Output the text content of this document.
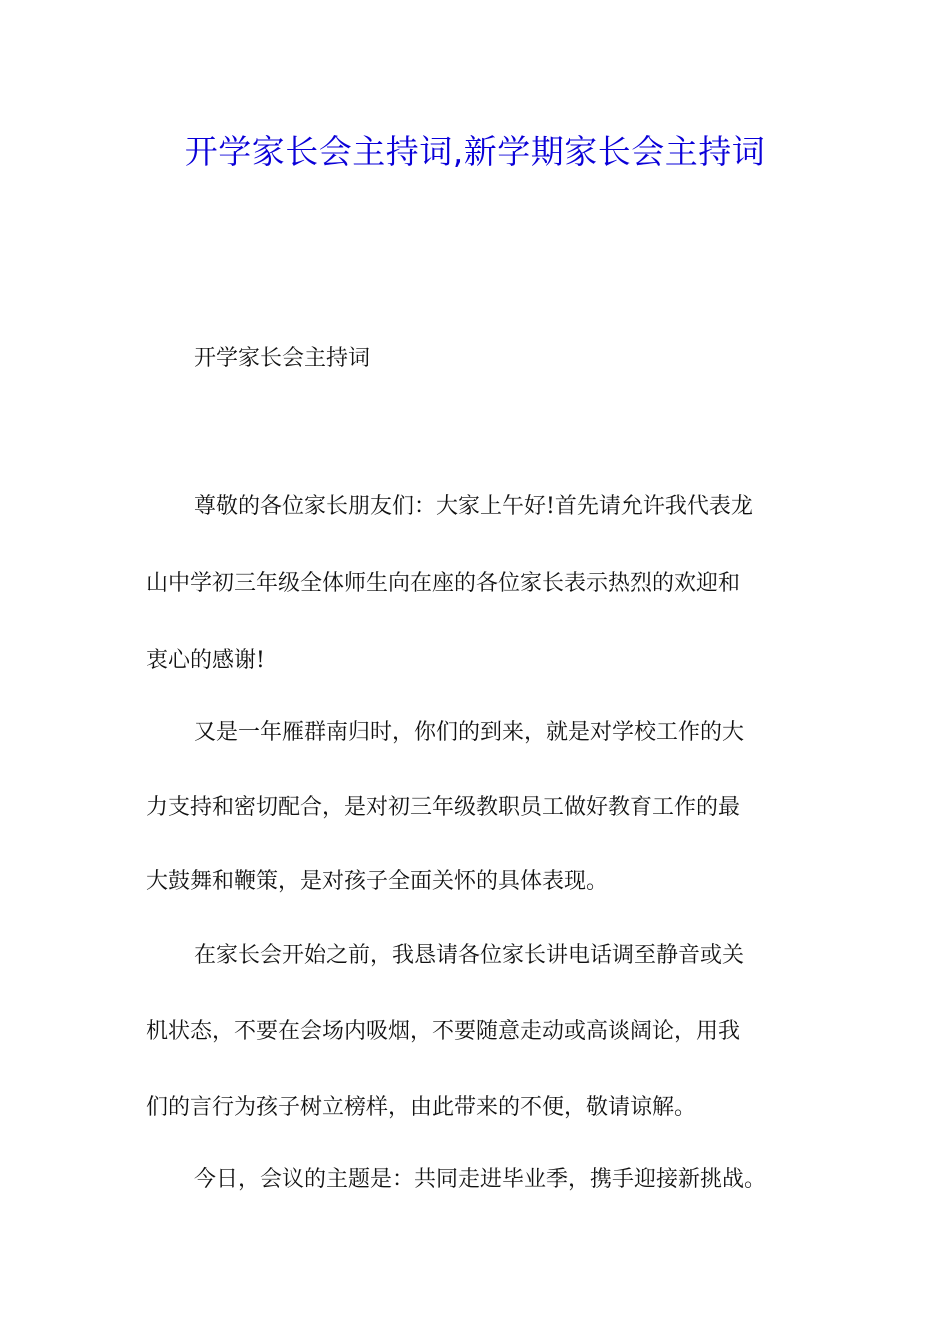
开学家长会主持词,新学期家长会主持词
开学家长会主持词
尊敬的各位家长朋友们：大家上午好!首先请允许我代表龙
山中学初三年级全体师生向在座的各位家长表示热烈的欢迎和
衷心的感谢!
又是一年雁群南归时，你们的到来，就是对学校工作的大
力支持和密切配合，是对初三年级教职员工做好教育工作的最
大鼓舞和鞭策，是对孩子全面关怀的具体表现。
在家长会开始之前，我恳请各位家长讲电话调至静音或关
机状态，不要在会场内吸烟，不要随意走动或高谈阔论，用我
们的言行为孩子树立榜样，由此带来的不便，敬请谅解。
今日，会议的主题是：共同走进毕业季，携手迎接新挑战。
